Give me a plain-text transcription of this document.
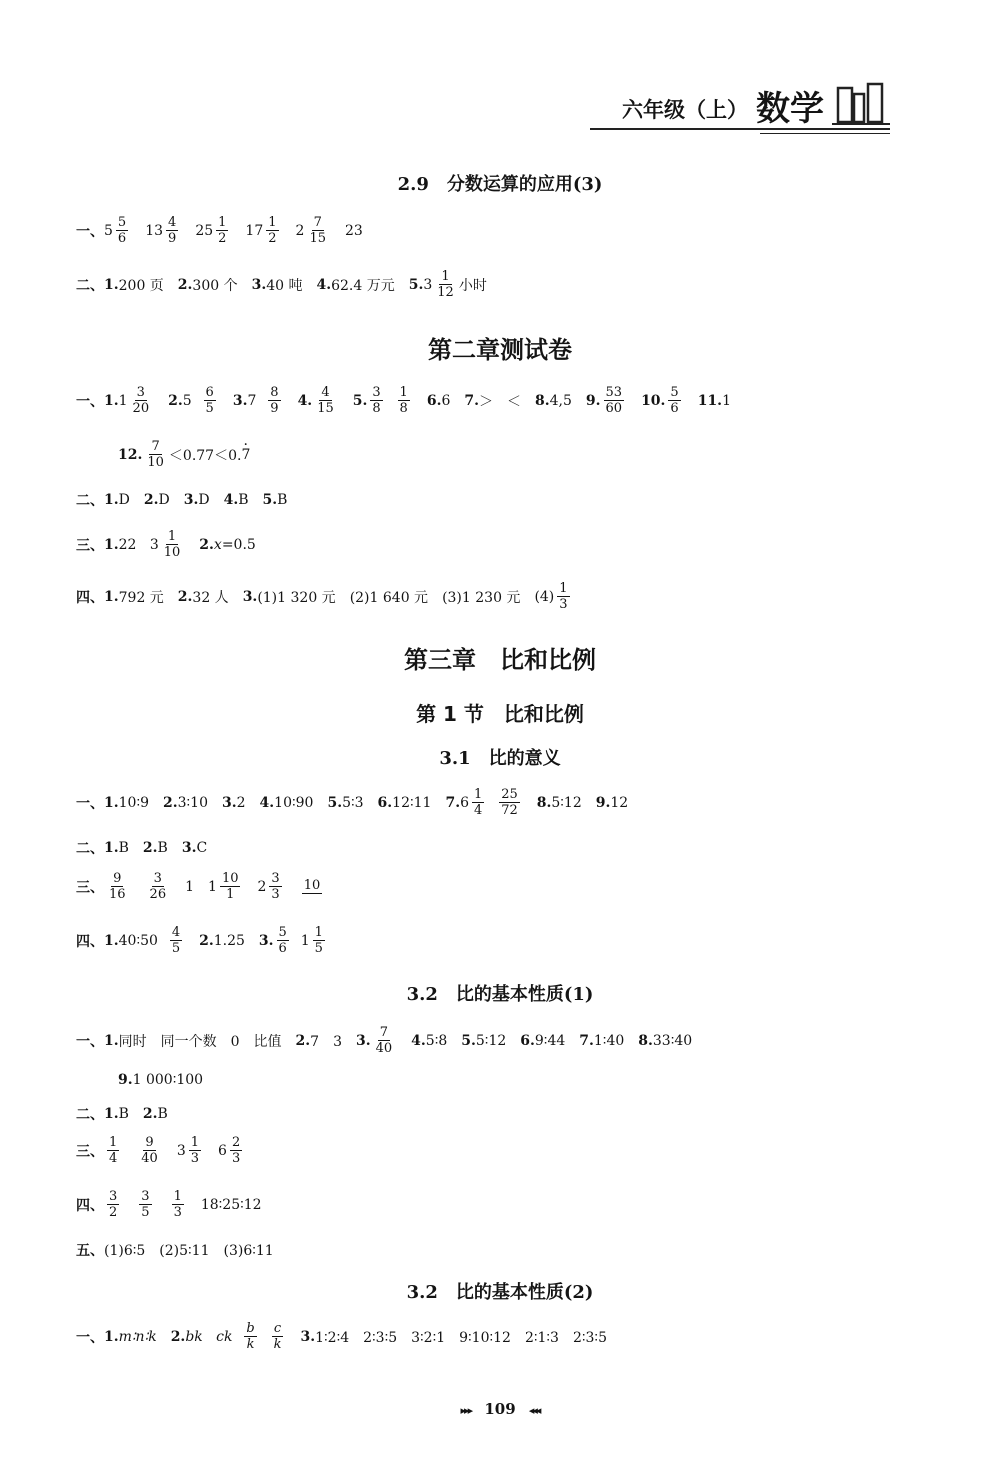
六年级（上） 数学
2.9　分数运算的应用(3)
一、 $5 \frac{5}{6} 13 \frac{4}{9} 25 \frac{1}{2} 17 \frac{1}{2} 2 \frac{7}{15} 23$
二、 1. 200 页 2. 300 个 3. 40 吨 4. 62.4 万元 5. $3 \frac{1}{12}$ 小时
第二章测试卷
一、 1. $1 \frac{3}{20} 2$. 5
$\frac{6}{5} 3$. 7
$\frac{8}{9} 4$. $\frac{4}{15} 5$. $\frac{3}{8}$
$\frac{1}{8} 6$. 6 7. ＞　＜ 8. 4,5 9. $\frac{53}{60} 10$. $\frac{5}{6} 11$. 1
12. $\frac{7}{10} <0.77<0$. 7 ·
二、 1. D 2. D 3. D 4. B 5. B
三、 1. 22
$3 \frac{1}{10} 2$. x =0.5
四、 1. 792 元 2. 32 人 3. (1)1 320 元 (2)1 640 元 (3)1 230 元 $(4) \frac{1}{3}$
第三章　比和比例
第 1 节　比和比例
3.1　比的意义
一、 1. 10∶9 2. 3∶10 3. 2 4. 10∶90 5. 5∶3 6. 12∶11 7. $6 \frac{1}{4}$
$\frac{25}{72} 8$. 5∶12 9. 12
二、 1. B 2. B 3. C
三、 $\frac{9}{16} \frac{3}{26} 1$ $1 \frac{10}{1} 2 \frac{3}{3} 10$
四、 1. 40∶50
$\frac{4}{5} 2$. 1.25 3. $\frac{5}{6}$
$1 \frac{1}{5}$
3.2　比的基本性质(1)
一、 1. 同时　同一个数　0　比值 2. 7　3 3. $\frac{7}{40} 4$. 5∶8 5. 5∶12 6. 9∶44 7. 1∶40 8. 33∶40
9. 1 000∶100
二、 1. B 2. B
三、 $\frac{1}{4} \frac{9}{40} 3 \frac{1}{3} 6 \frac{2}{3}$
四、 $\frac{3}{2} \frac{3}{5} \frac{1}{3}$ 18∶25∶12
五、 (1)6∶5　(2)5∶11　(3)6∶11
3.2　比的基本性质(2)
一、 1. m∶n∶k 2. bk
ck
$\frac{b}{k}$
$\frac{c}{k} 3$. 1∶2∶4　2∶3∶5　3∶2∶1　9∶10∶12　2∶1∶3　2∶3∶5
▸▸▸ 109 ◂◂◂
